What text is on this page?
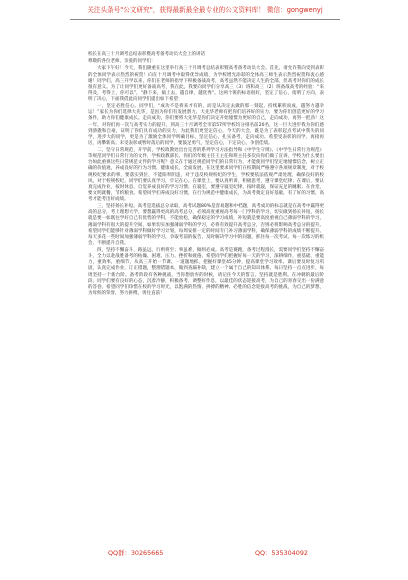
关注头条号"公文研究"，获得最新最全最专业的公文资料库！ 微信：gongwenyj

校长在高三十月调考总结表彰暨高考备考动员大会上的讲话

尊敬的各位老师、亲爱的同学们：

大家下午好！今天，我们隆重在这里举行高三十月调考总结表彰暨高考备考动员大会。首先，请允许我向受到表彰的全体同学表示热烈的祝贺！向在十月调考中取得优异成绩，为学校增光添彩的全体高三师生表示热烈祝贺和衷心感谢！同学们，高三开学以来，你们在老师的指导下积极备战高考，高考虽然不能决定人生的全部，但高考对你们的成长很有意义。为了让同学们更好备战高考，我在此，我要向同学们分享高三（3）班和高三（2）班备战高考的经验：“来得及，考得上，你可以”，“静下来，搞上去，越自律，越优秀”。这两个班的标语很好，坚定了信心，指明了方向，表明了决心，下面我借此向同学们提出如下希望：

一，坚定必胜信心。同学们，“成功不是将来才有的，而是从决定去做的那一刻起，持续累积而成，越努力越幸运！”家长为你们选择大先华，是因为你们有发展潜力，大先华老师有把你们培养好的实力，要为你们创造更好的学习条件，助力你们健康成长。走向成功，你们要将大先华是你们决定开始憧憬为更好的自己，走向成功，再努一把劲！这一年，对你们再一次与高考实力的提升，到高三十月调考全市第57所学校均分排名前20名，这一巨大进步我为你们感到骄傲和自豪，证明了你们具有成功的实力，为此我们更坚定信心，今天的大会，既是为了表彰起点考试中我失的同学，进步大的同学，更是为了激励全体同学明确目标，坚定信心，扎实备考，走向成功。希望受表彰的同学，再接再厉，再攀新高；未受表彰或暂时落后的同学，要鼓足勇气，坚定信心，下定决心，争创佳绩。

二，坚守日常规范，开学前，学校政教处出台完善的系列学习方法指导和《中学生守则》、《中学生日常行为规范》等规范同学们日常行为的文件，学校政教部长、你们的年级主任王主任和班主任多次向你们做了宣讲，学校为什么要出台如此重视这些日常规范文件的学习呢？意义在于通过规范同学们的日常行为，才能使同学们坚定地憧憬信念，树立正确的价值观，养成良好的行为习惯，健康成长，全面发展，在这里要求同学们在校期间严格遵守各项规章制度，对于校规校纪要求的事，要落实到位，不能阳奉阴违，对于违反校规校纪的学生，学校要依法依规严肃处理，确保良好的校风。对于校规校纪，同学们要认真学习，牢记在心。在课堂上，要认真听讲，积极思考，遵守课堂纪律；在课后，要认真完成作业，按时休息，自觉养成良好的学习习惯；在寝室，要遵守寝室纪律，按时就寝，保证充足的睡眠；在食堂，要文明就餐，节约粮食。希望同学们养成良好习惯，在行为规范中健康成长，为高考奠定良好基础，有了好的习惯，高考才能考出好成绩。

三，坚持扬长补短。高考是选拔总分录取，高考试题80%是容易题和中档题，高考成功的标志就是在高考中赢得更高的总分，考上理想大学。要想赢得更高的高考总分，必须高度重视高考每一门学科的学习，切实做到扬长补短，扬长就是要一如既往学好自己有优势的学科，不能放松，确保稳定的学习成绩，补短就是要高度重视自己薄弱学科的学习，薄弱学科有很大的提升空间，如果切实加强薄弱学科的学习，必将有效提升高考总分，否则必将影响高考总分的提升。希望同学们能够针对薄弱学科做好学习计划，每周安排一定的时间专门补习薄弱学科，确保薄弱学科的成绩不断提升。每天多花一些时间加强薄弱学科的学习，争取考前的报告，及时解决学习中的问题，抓住每一次考试、每一次练习的机会，不断提升自我。

四，坚持不懈奋斗，路虽远，行则将至；事虽难，做则必成。高考是赛跑，备考过程漫长，需要同学们坚持不懈奋斗，全力以赴战胜备考的枯燥、困难、压力、挫折和疲倦。希望同学们把握好每一天的学习，深耕细作，重基础，重能力，重效率，重细节，从高三开始一节课、一道题地抓，把握好课堂45分钟，提高课堂学习效率。课后要及时复习巩固，认真完成作业，订正错题，整理错题本，做到查漏补缺，建立一个属于自己的知识体系。每日坚持一点点进步，每周坚持一个新台阶。备考阶段有各种挑战，当你想放弃的时候，请记住今天的誓言，坚持就是胜利。在冲刺的最后阶段，同学们要有良好的心态，沉着冷静，积极备考，调整好作息，以最佳的状态迎接高考，为自己的青春交出一份满意的答卷。希望同学们珍惜在校的学习时光，以饱满的热情、拼搏的精神、必胜的信念迎接高考的挑战，为自己的梦想，为母校的荣誉，努力拼搏，勇往直前！

QQ群：30265665	QQ：535304092
